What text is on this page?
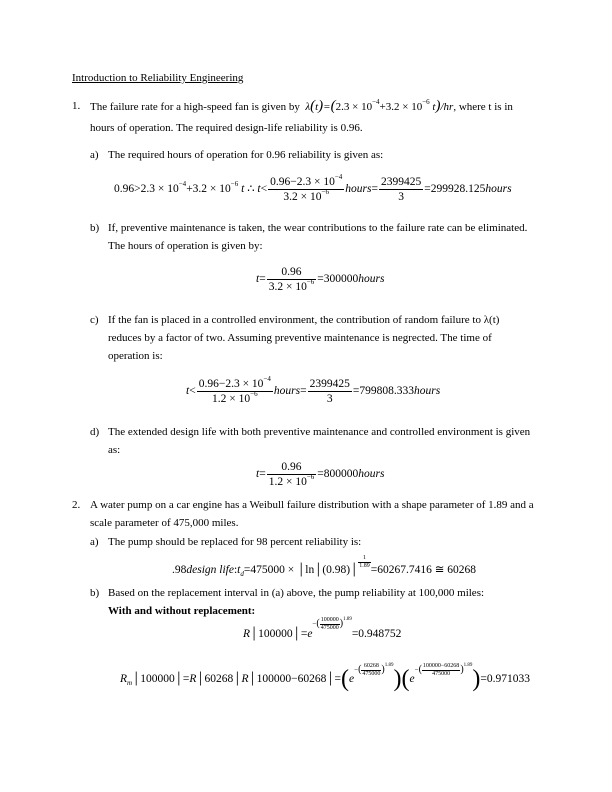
Introduction to Reliability Engineering
1. The failure rate for a high-speed fan is given by  $\lambda(t)=(2.3 \times 10^{-4}+3.2 \times 10^{-6}$ t)/hr, where t is in
hours of operation. The required design-life reliability is 0.96.
a) The required hours of operation for 0.96 reliability is given as:
$0.96>2.3 \times 10^{-4}+3.2 \times 10^{-6}$ t ∴ $t< \frac{0.96-2.3 \times 10^{-4}}{3.2 \times 10^{-6}}$ hours= $\frac{2399425}{3}$ =299928.125hours
b) If, preventive maintenance is taken, the wear contributions to the failure rate can be eliminated.
The hours of operation is given by:
$t= \frac{0.96}{3.2 \times 10^{-6}}$ =300000hours
c) If the fan is placed in a controlled environment, the contribution of random failure to λ(t)
reduces by a factor of two. Assuming preventive maintenance is negrected. The time of
operation is:
$t< \frac{0.96-2.3 \times 10^{-4}}{1.2 \times 10^{-6}}$ hours= $\frac{2399425}{3}$ =799808.333hours
d) The extended design life with both preventive maintenance and controlled environment is given
as:
$t= \frac{0.96}{1.2 \times 10^{-6}}$ =800000hours
2. A water pump on a car engine has a Weibull failure distribution with a shape parameter of 1.89 and a
scale parameter of 475,000 miles.
a) The pump should be replaced for 98 percent reliability is:
.98design $life:t_d=475000$ × │ln│(0.98)│
$\frac{1}{1.89}$
=60267.7416 ≅ 60268
b) Based on the replacement interval in (a) above, the pump reliability at 100,000 miles:
With and without replacement:
$R│100000│=e^{-( \frac{100000}{475000} )^{1.89}}=0.948752$
$R_m│100000│=R│60268│R│100000-60268│=(e^{-( \frac{60268}{475000} )^{1.89}})(e^{-( \frac{100000-60268}{475000} )^{1.89}})=0.971033$
